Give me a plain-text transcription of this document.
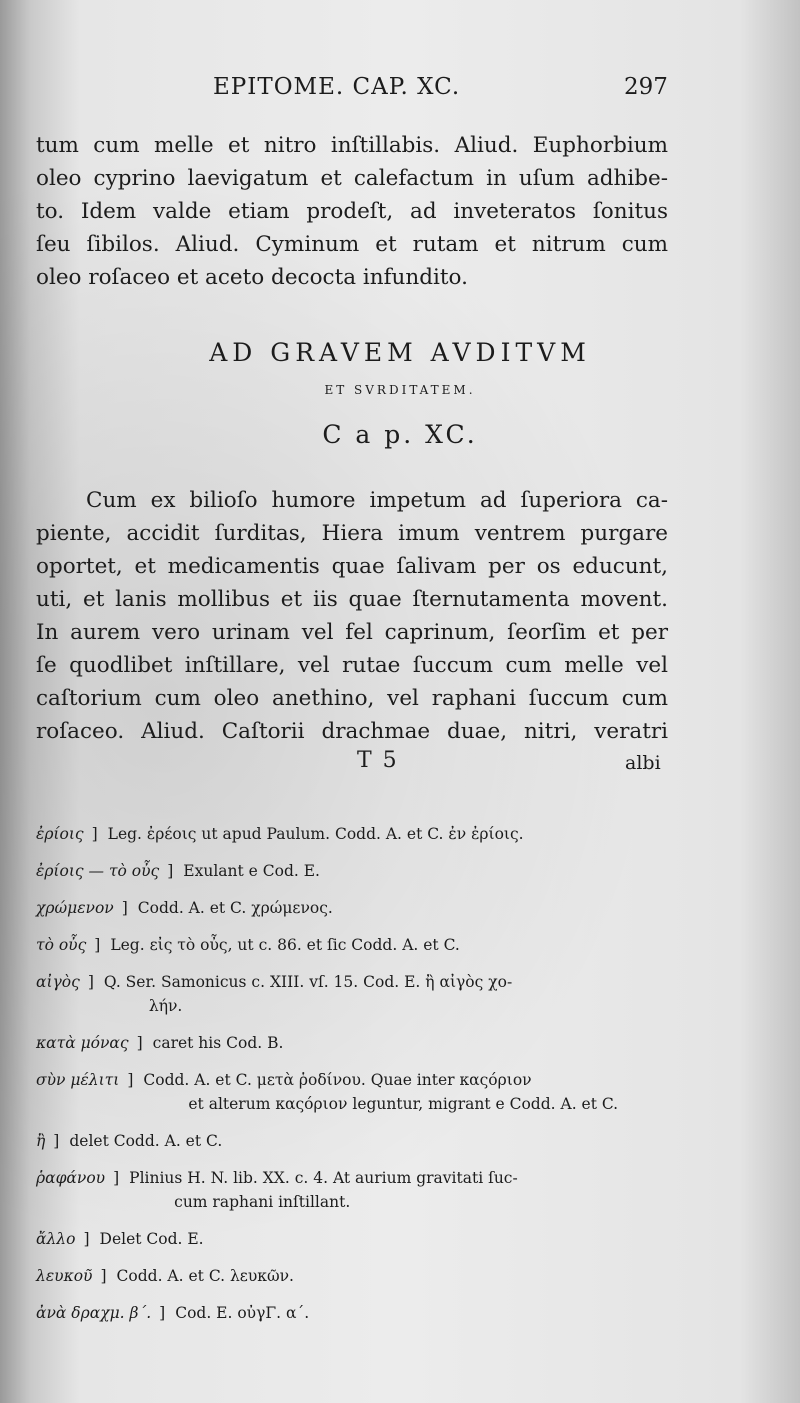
EPITOME. CAP. XC.	297
tum cum melle et nitro inſtillabis. Aliud. Euphorbium
oleo cyprino laevigatum et calefactum in uſum adhibe-
to. Idem valde etiam prodeſt, ad inveteratos ſonitus
ſeu ſibilos. Aliud. Cyminum et rutam et nitrum cum
oleo roſaceo et aceto decocta infundito.
AD GRAVEM AVDITVM
ET SVRDITATEM.
C a p. XC.
Cum ex bilioſo humore impetum ad ſuperiora ca-
piente, accidit ſurditas, Hiera imum ventrem purgare
oportet, et medicamentis quae ſalivam per os educunt,
uti, et lanis mollibus et iis quae ſternutamenta movent.
In aurem vero urinam vel fel caprinum, ſeorſim et per
ſe quodlibet inſtillare, vel rutae ſuccum cum melle vel
caſtorium cum oleo anethino, vel raphani ſuccum cum
roſaceo. Aliud. Caſtorii drachmae duae, nitri, veratri
T 5	albi
ἐρίοις ] Leg. ἐρέοις ut apud Paulum. Codd. A. et C. ἐν ἐρίοις.
ἐρίοις — τὸ οὖς ] Exulant e Cod. E.
χρώμενον ] Codd. A. et C. χρώμενος.
τὸ οὖς ] Leg. εἰς τὸ οὖς, ut c. 86. et ſic Codd. A. et C.
αἰγὸς ] Q. Ser. Samonicus c. XIII. vſ. 15. Cod. E. ἢ αἰγὸς χο-
λήν.
κατὰ μόνας ] caret his Cod. B.
σὺν μέλιτι ] Codd. A. et C. μετὰ ῥοδίνου. Quae inter καςόριον
et alterum καςόριον leguntur, migrant e Codd. A. et C.
ἢ ] delet Codd. A. et C.
ῥαφάνου ] Plinius H. N. lib. XX. c. 4. At aurium gravitati ſuc-
cum raphani inſtillant.
ἄλλο ] Delet Cod. E.
λευκοῦ ] Codd. A. et C. λευκῶν.
ἀνὰ δραχμ. β´. ] Cod. E. οὐγΓ. α´.
